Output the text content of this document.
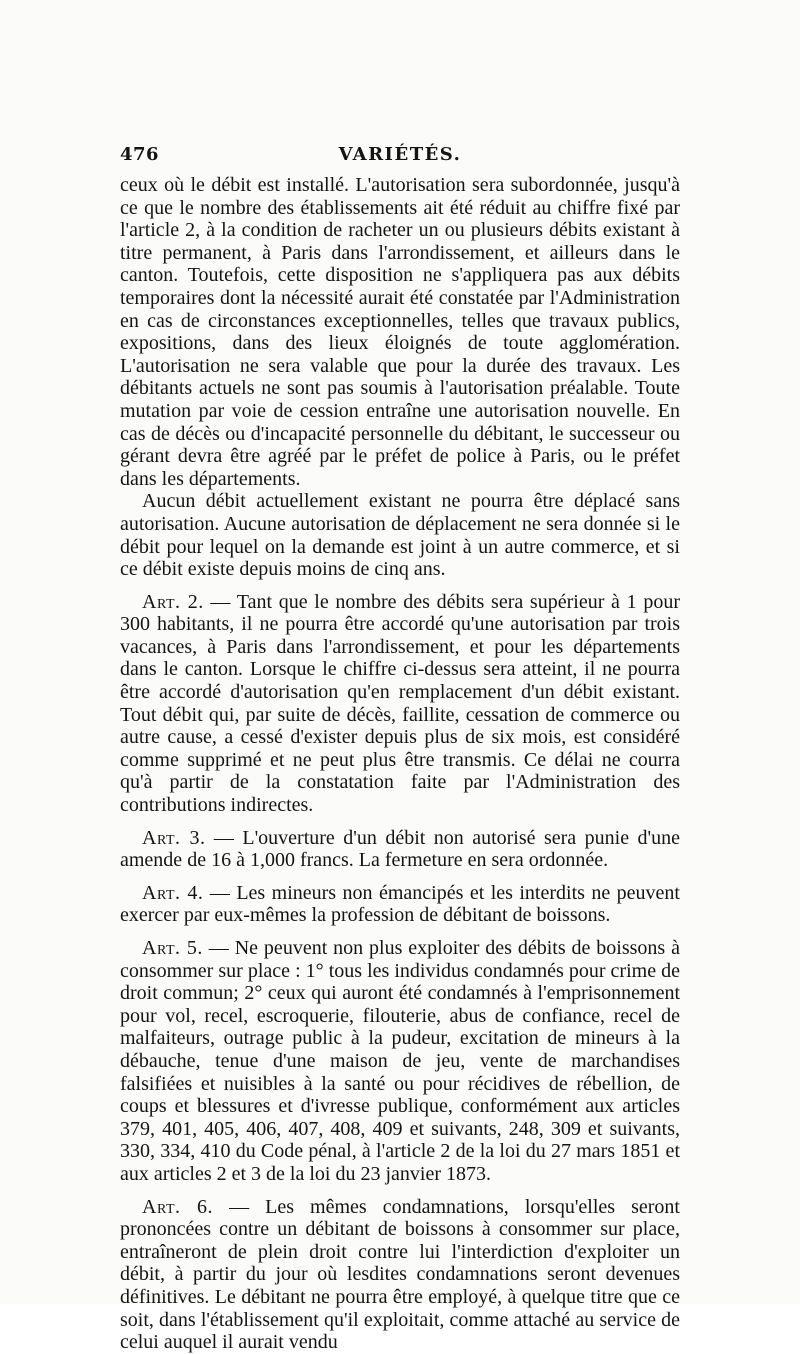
476	VARIÉTÉS.

ceux où le débit est installé. L'autorisation sera subordonnée, jusqu'à ce que le nombre des établissements ait été réduit au chiffre fixé par l'article 2, à la condition de racheter un ou plusieurs débits existant à titre permanent, à Paris dans l'arrondissement, et ailleurs dans le canton. Toutefois, cette disposition ne s'appliquera pas aux débits temporaires dont la nécessité aurait été constatée par l'Administration en cas de circonstances exceptionnelles, telles que travaux publics, expositions, dans des lieux éloignés de toute agglomération. L'autorisation ne sera valable que pour la durée des travaux. Les débitants actuels ne sont pas soumis à l'autorisation préalable. Toute mutation par voie de cession entraîne une autorisation nouvelle. En cas de décès ou d'incapacité personnelle du débitant, le successeur ou gérant devra être agréé par le préfet de police à Paris, ou le préfet dans les départements.

Aucun débit actuellement existant ne pourra être déplacé sans autorisation. Aucune autorisation de déplacement ne sera donnée si le débit pour lequel on la demande est joint à un autre commerce, et si ce débit existe depuis moins de cinq ans.

Art. 2. — Tant que le nombre des débits sera supérieur à 1 pour 300 habitants, il ne pourra être accordé qu'une autorisation par trois vacances, à Paris dans l'arrondissement, et pour les départements dans le canton. Lorsque le chiffre ci-dessus sera atteint, il ne pourra être accordé d'autorisation qu'en remplacement d'un débit existant. Tout débit qui, par suite de décès, faillite, cessation de commerce ou autre cause, a cessé d'exister depuis plus de six mois, est considéré comme supprimé et ne peut plus être transmis. Ce délai ne courra qu'à partir de la constatation faite par l'Administration des contributions indirectes.

Art. 3. — L'ouverture d'un débit non autorisé sera punie d'une amende de 16 à 1,000 francs. La fermeture en sera ordonnée.

Art. 4. — Les mineurs non émancipés et les interdits ne peuvent exercer par eux-mêmes la profession de débitant de boissons.

Art. 5. — Ne peuvent non plus exploiter des débits de boissons à consommer sur place : 1° tous les individus condamnés pour crime de droit commun; 2° ceux qui auront été condamnés à l'emprisonnement pour vol, recel, escroquerie, filouterie, abus de confiance, recel de malfaiteurs, outrage public à la pudeur, excitation de mineurs à la débauche, tenue d'une maison de jeu, vente de marchandises falsifiées et nuisibles à la santé ou pour récidives de rébellion, de coups et blessures et d'ivresse publique, conformément aux articles 379, 401, 405, 406, 407, 408, 409 et suivants, 248, 309 et suivants, 330, 334, 410 du Code pénal, à l'article 2 de la loi du 27 mars 1851 et aux articles 2 et 3 de la loi du 23 janvier 1873.

Art. 6. — Les mêmes condamnations, lorsqu'elles seront prononcées contre un débitant de boissons à consommer sur place, entraîneront de plein droit contre lui l'interdiction d'exploiter un débit, à partir du jour où lesdites condamnations seront devenues définitives. Le débitant ne pourra être employé, à quelque titre que ce soit, dans l'établissement qu'il exploitait, comme attaché au service de celui auquel il aurait vendu
